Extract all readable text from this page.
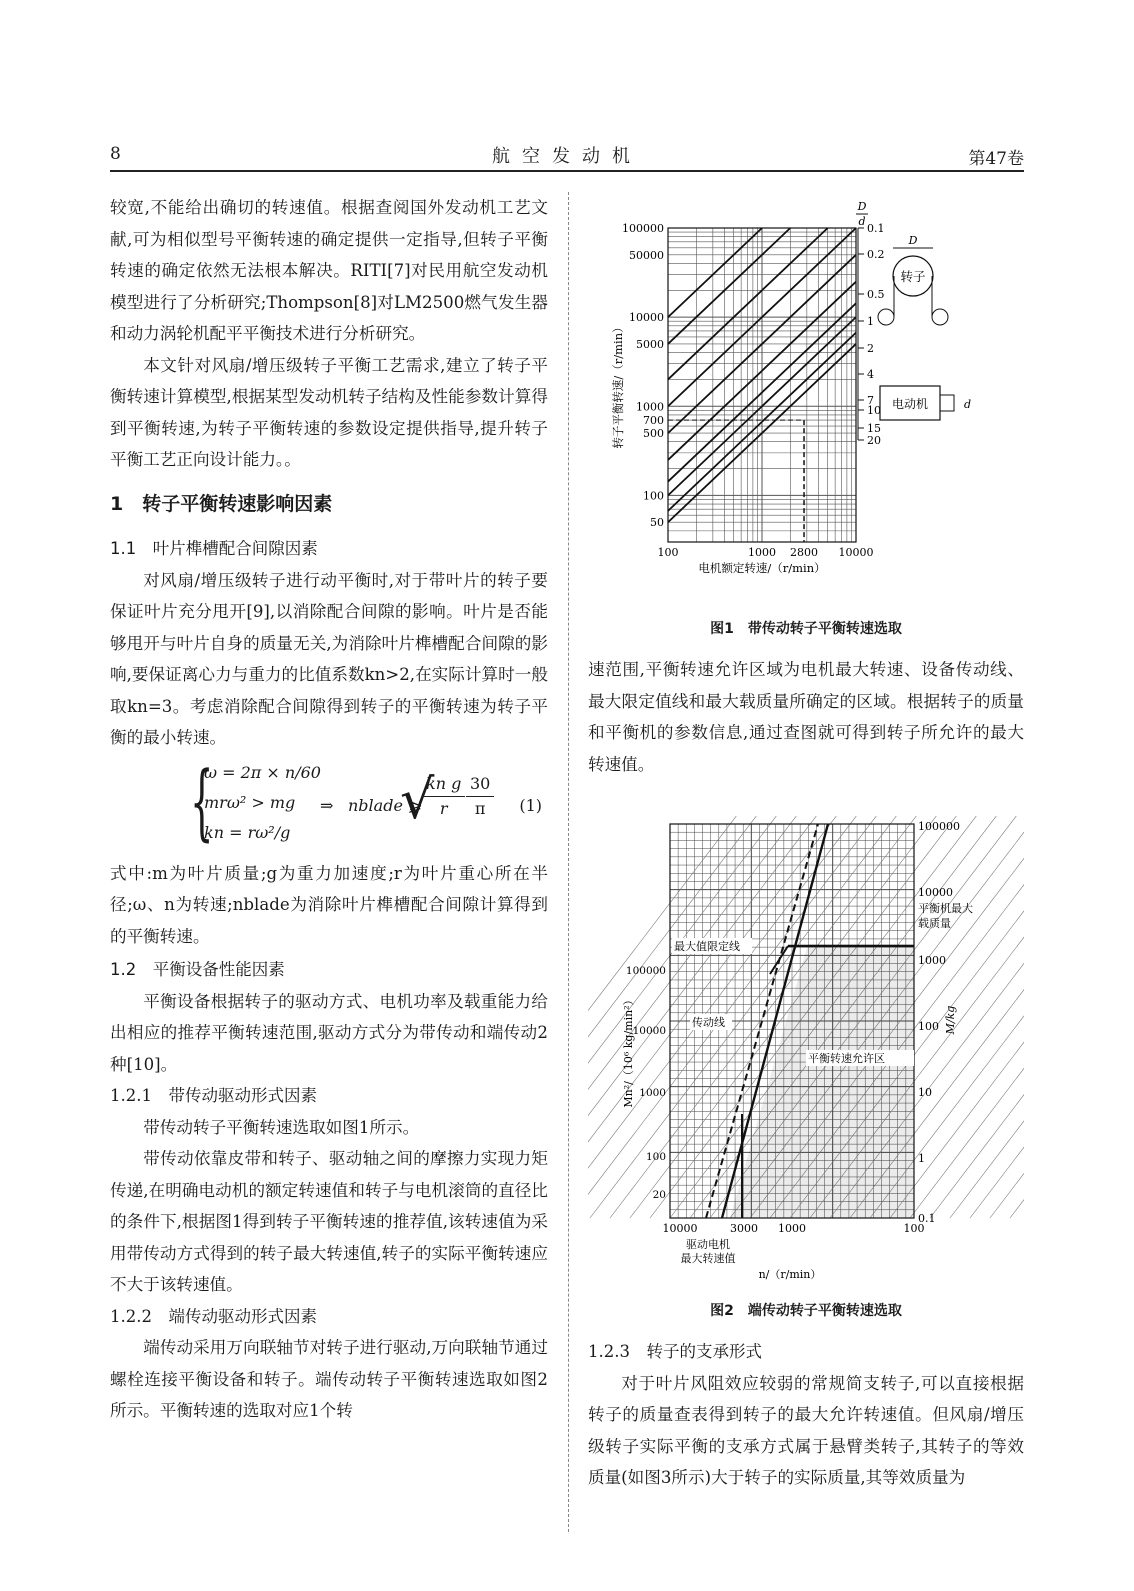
8	航空发动机	第47卷

较宽,不能给出确切的转速值。根据查阅国外发动机工艺文献,可为相似型号平衡转速的确定提供一定指导,但转子平衡转速的确定依然无法根本解决。RITI[7]对民用航空发动机模型进行了分析研究;Thompson[8]对LM2500燃气发生器和动力涡轮机配平平衡技术进行分析研究。

本文针对风扇/增压级转子平衡工艺需求,建立了转子平衡转速计算模型,根据某型发动机转子结构及性能参数计算得到平衡转速,为转子平衡转速的参数设定提供指导,提升转子平衡工艺正向设计能力。。

1　转子平衡转速影响因素

1.1　叶片榫槽配合间隙因素

对风扇/增压级转子进行动平衡时,对于带叶片的转子要保证叶片充分甩开[9],以消除配合间隙的影响。叶片是否能够甩开与叶片自身的质量无关,为消除叶片榫槽配合间隙的影响,要保证离心力与重力的比值系数kn>2,在实际计算时一般取kn=3。考虑消除配合间隙得到转子的平衡转速为转子平衡的最小转速。

{
ω = 2π × n/60
mrω² > mg
kn = rω²/g
⇒ nblade ⩾
√
$\frac{\text{kn g}}{r} \frac{30}{\pi} (1)$

式中:m为叶片质量;g为重力加速度;r为叶片重心所在半径;ω、n为转速;nblade为消除叶片榫槽配合间隙计算得到的平衡转速。

1.2　平衡设备性能因素

平衡设备根据转子的驱动方式、电机功率及载重能力给出相应的推荐平衡转速范围,驱动方式分为带传动和端传动2种[10]。

1.2.1　带传动驱动形式因素

带传动转子平衡转速选取如图1所示。

带传动依靠皮带和转子、驱动轴之间的摩擦力实现力矩传递,在明确电动机的额定转速值和转子与电机滚筒的直径比的条件下,根据图1得到转子平衡转速的推荐值,该转速值为采用带传动方式得到的转子最大转速值,转子的实际平衡转速应不大于该转速值。

1.2.2　端传动驱动形式因素

端传动采用万向联轴节对转子进行驱动,万向联轴节通过螺栓连接平衡设备和转子。端传动转子平衡转速选取如图2所示。平衡转速的选取对应1个转

100000
50000
10000
5000
1000
700
500
100
50
100	1000 2800 10000
电机额定转速/（r/min）
转子平衡转速/（r/min）
0.1
0.2
0.5
1
2
4
7
10
15
20
D
d
转子
D
电动机	d

图1　带传动转子平衡转速选取

速范围,平衡转速允许区域为电机最大转速、设备传动线、最大限定值线和最大载质量所确定的区域。根据转子的质量和平衡机的参数信息,通过查图就可得到转子所允许的最大转速值。

100000
10000
1000
100
20
100000
10000
1000
100
10
1
0.1
10000	3000 1000	100
n/（r/min）
Mn²/（10⁶ kg/min²）	M/kg
最大值限定线
传动线
平衡转速允许区
平衡机最大
载质量
驱动电机
最大转速值

图2　端传动转子平衡转速选取

1.2.3　转子的支承形式

对于叶片风阻效应较弱的常规简支转子,可以直接根据转子的质量查表得到转子的最大允许转速值。但风扇/增压级转子实际平衡的支承方式属于悬臂类转子,其转子的等效质量(如图3所示)大于转子的实际质量,其等效质量为
